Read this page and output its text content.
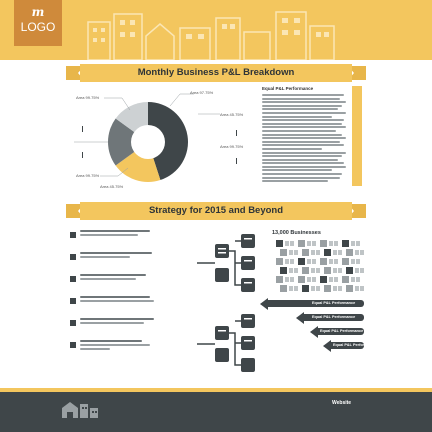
m
LOGO
Monthly Business P&L Breakdown
Area 99.75%
Area 97.75%
Area 45.75%
Area 99.75%
Area 45.75%
Area 99.75%
Equal P&L Performance
Strategy for 2015 and Beyond
13,000 Businesses
Equal P&L Performance
Equal P&L Performance
Equal P&L Performance
Equal P&L Performance
Website
